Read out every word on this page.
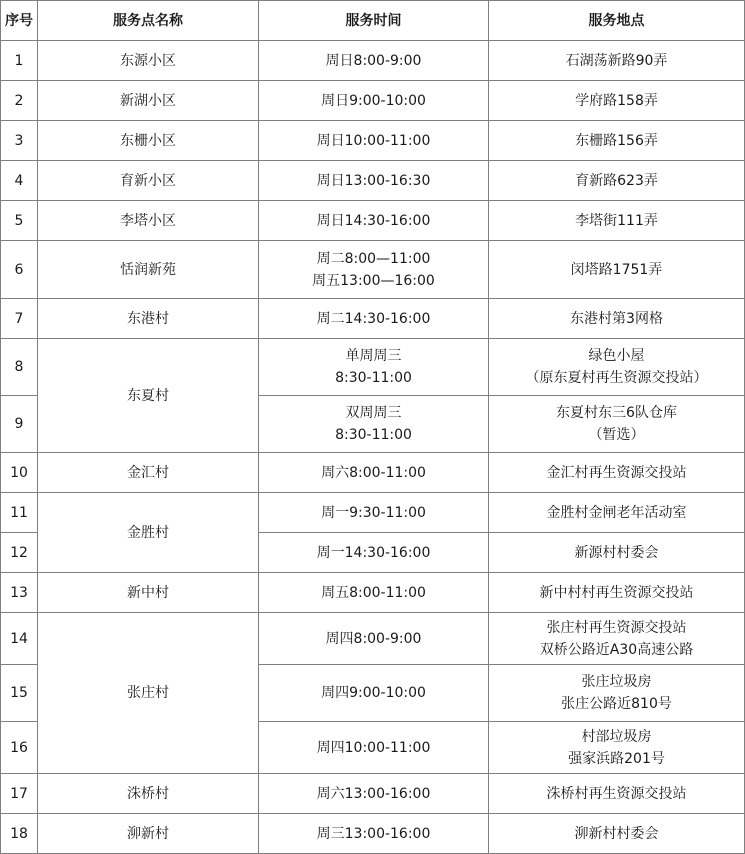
序号	服务点名称	服务时间	服务地点
1	东源小区	周日8:00-9:00	石湖荡新路90弄

2	新湖小区	周日9:00-10:00	学府路158弄

3	东栅小区	周日10:00-11:00	东栅路156弄

4	育新小区	周日13:00-16:30	育新路623弄

5	李塔小区	周日14:30-16:00	李塔街111弄

6	恬润新苑	周二8:00—11:00
周五13:00—16:00	闵塔路1751弄

7	东港村	周二14:30-16:00	东港村第3网格

8	东夏村	单周周三
8:30-11:00	绿色小屋
（原东夏村再生资源交投站）

9		双周周三
8:30-11:00	东夏村东三6队仓库
（暂选）

10	金汇村	周六8:00-11:00	金汇村再生资源交投站

11	金胜村	周一9:30-11:00	金胜村金闸老年活动室

12		周一14:30-16:00	新源村村委会

13	新中村	周五8:00-11:00	新中村村再生资源交投站

14	张庄村	周四8:00-9:00	张庄村再生资源交投站
双桥公路近A30高速公路

15		周四9:00-10:00	张庄垃圾房
张庄公路近810号

16		周四10:00-11:00	村部垃圾房
强家浜路201号

17	洙桥村	周六13:00-16:00	洙桥村再生资源交投站

18	泖新村	周三13:00-16:00	泖新村村委会
